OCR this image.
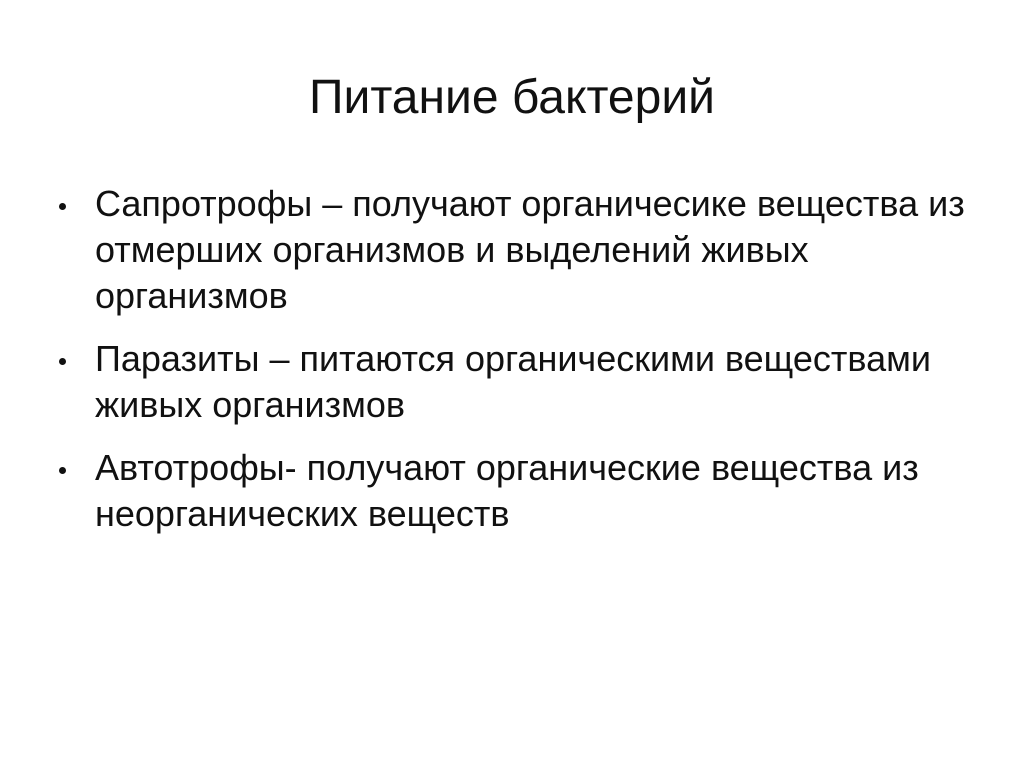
Питание бактерий
Сапротрофы – получают органичесике вещества из отмерших организмов и выделений живых организмов
Паразиты – питаются органическими веществами живых организмов
Автотрофы- получают органические вещества из неорганических веществ
